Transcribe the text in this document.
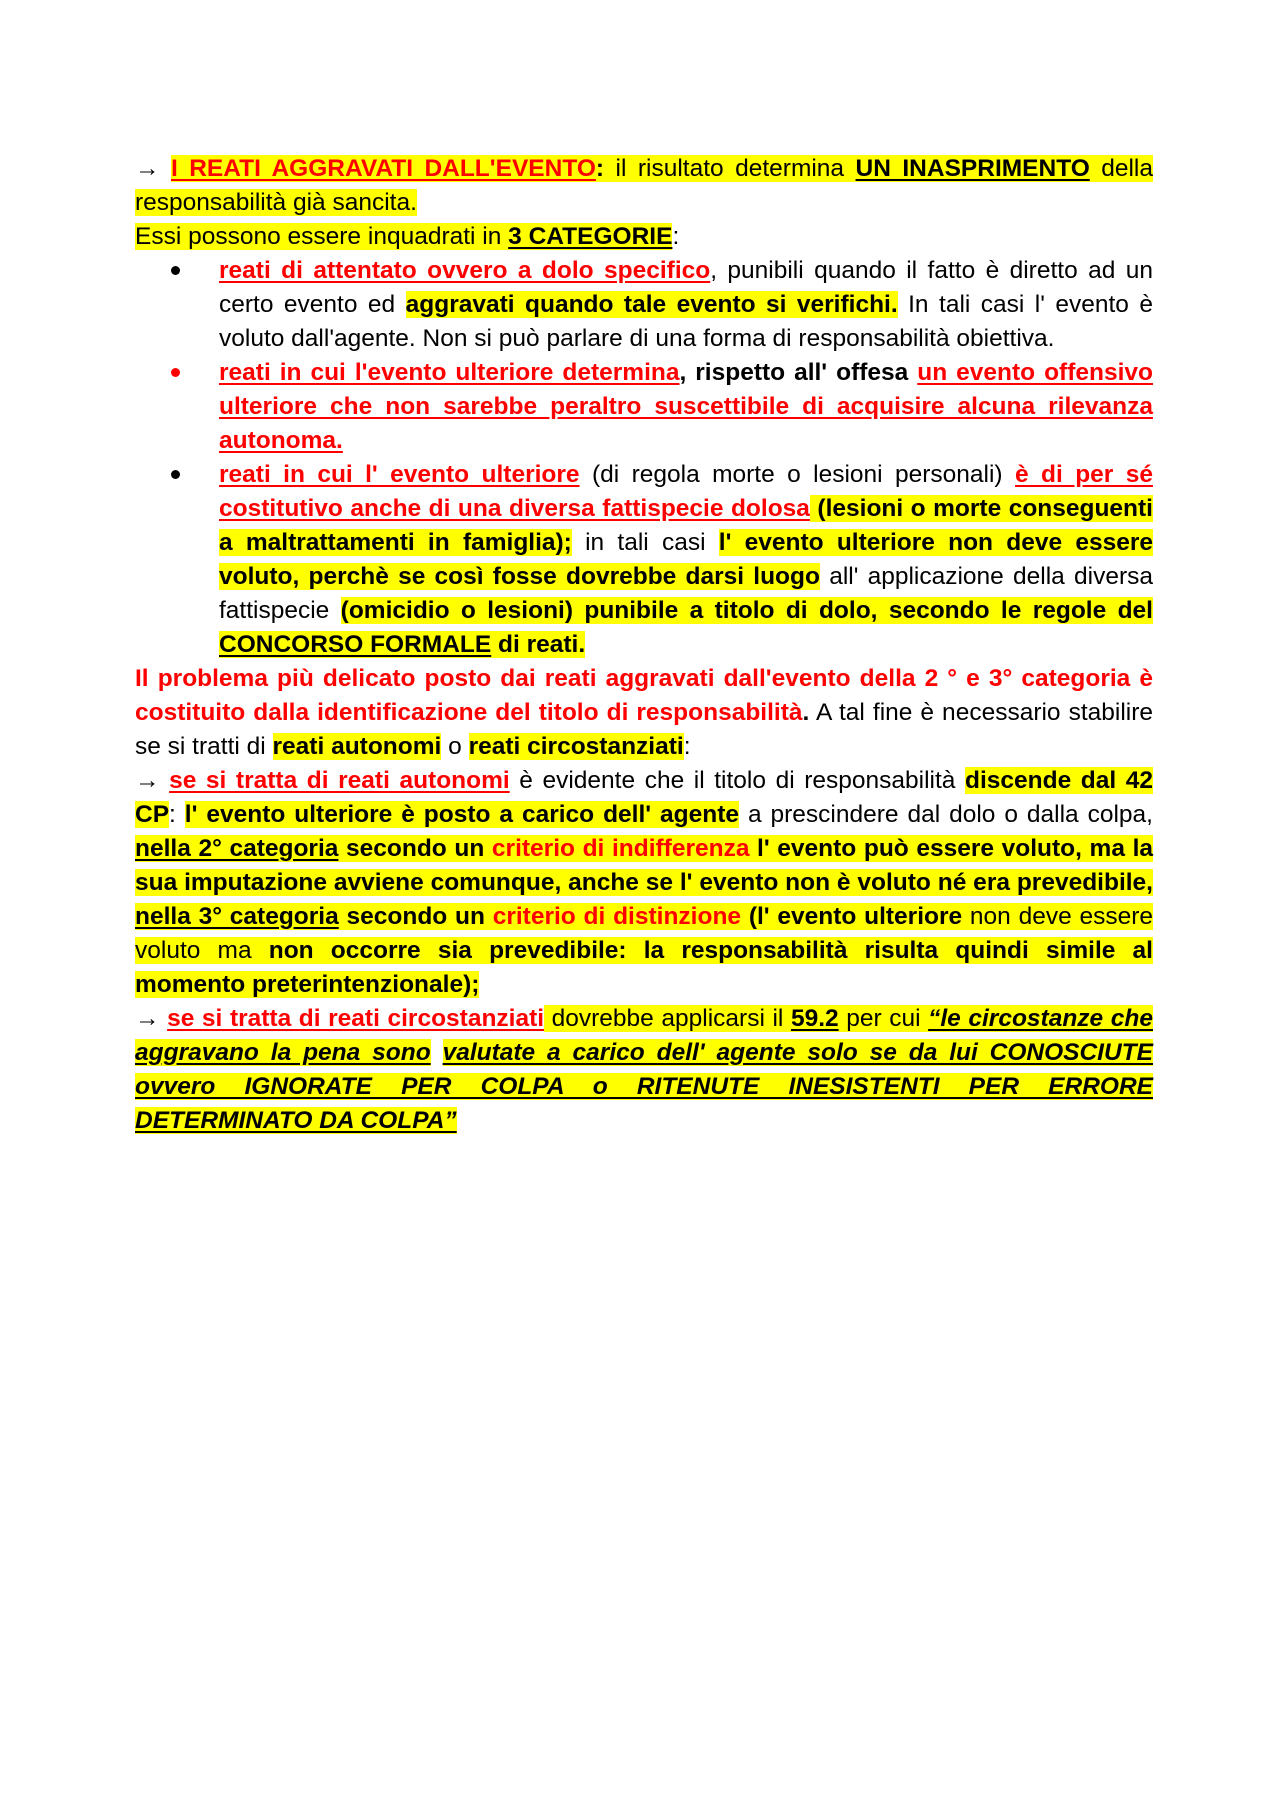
→ I REATI AGGRAVATI DALL'EVENTO: il risultato determina UN INASPRIMENTO della responsabilità già sancita.

Essi possono essere inquadrati in 3 CATEGORIE:

reati di attentato ovvero a dolo specifico, punibili quando il fatto è diretto ad un certo evento ed aggravati quando tale evento si verifichi. In tali casi l' evento è voluto dall'agente. Non si può parlare di una forma di responsabilità obiettiva.
reati in cui l'evento ulteriore determina, rispetto all' offesa un evento offensivo ulteriore che non sarebbe peraltro suscettibile di acquisire alcuna rilevanza autonoma.
reati in cui l' evento ulteriore (di regola morte o lesioni personali) è di per sé costitutivo anche di una diversa fattispecie dolosa (lesioni o morte conseguenti a maltrattamenti in famiglia); in tali casi l' evento ulteriore non deve essere voluto, perchè se così fosse dovrebbe darsi luogo all' applicazione della diversa fattispecie (omicidio o lesioni) punibile a titolo di dolo, secondo le regole del CONCORSO FORMALE di reati.

Il problema più delicato posto dai reati aggravati dall'evento della 2 ° e 3° categoria è costituito dalla identificazione del titolo di responsabilità. A tal fine è necessario stabilire se si tratti di reati autonomi o reati circostanziati:

→ se si tratta di reati autonomi è evidente che il titolo di responsabilità discende dal 42 CP: l' evento ulteriore è posto a carico dell' agente a prescindere dal dolo o dalla colpa, nella 2° categoria secondo un criterio di indifferenza l' evento può essere voluto, ma la sua imputazione avviene comunque, anche se l' evento non è voluto né era prevedibile, nella 3° categoria secondo un criterio di distinzione (l' evento ulteriore non deve essere voluto ma non occorre sia prevedibile: la responsabilità risulta quindi simile al momento preterintenzionale);

→ se si tratta di reati circostanziati dovrebbe applicarsi il 59.2 per cui “le circostanze che aggravano la pena sono valutate a carico dell' agente solo se da lui CONOSCIUTE ovvero IGNORATE PER COLPA o RITENUTE INESISTENTI PER ERRORE DETERMINATO DA COLPA”
